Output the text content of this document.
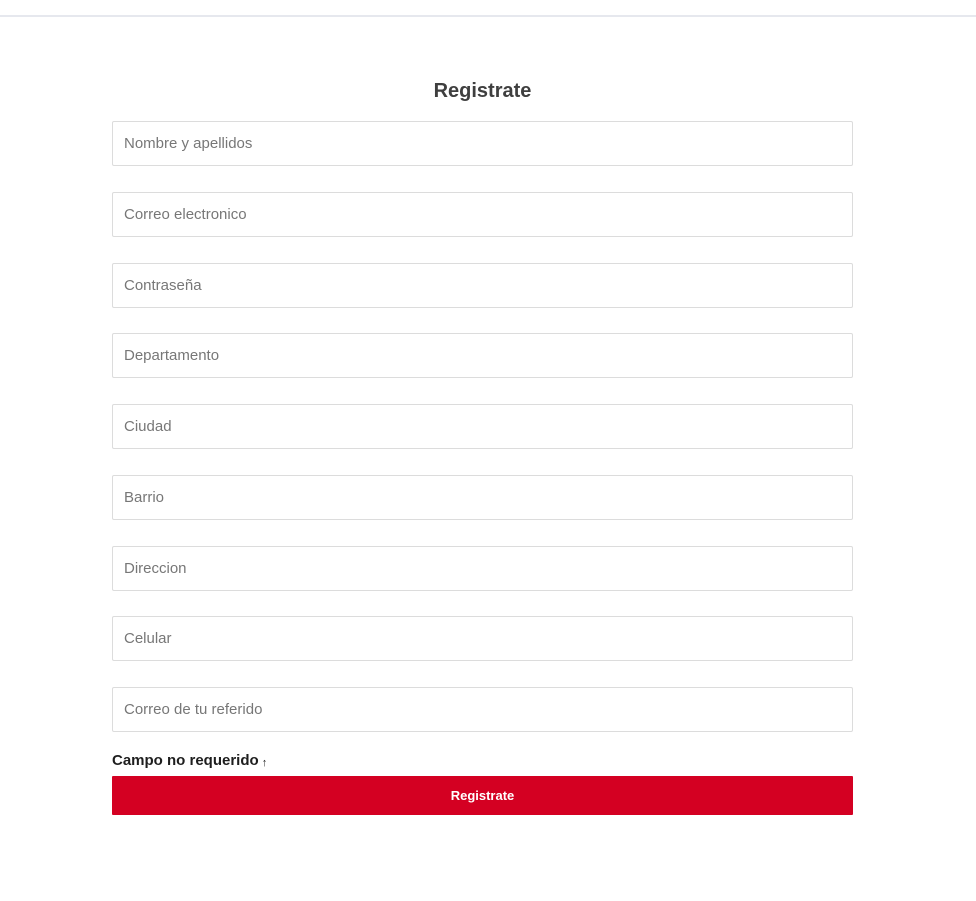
Registrate
Nombre y apellidos
Correo electronico
Departamento
Ciudad
Barrio
Direccion
Celular
Correo de tu referido
Campo no requerido ↑
Registrate
